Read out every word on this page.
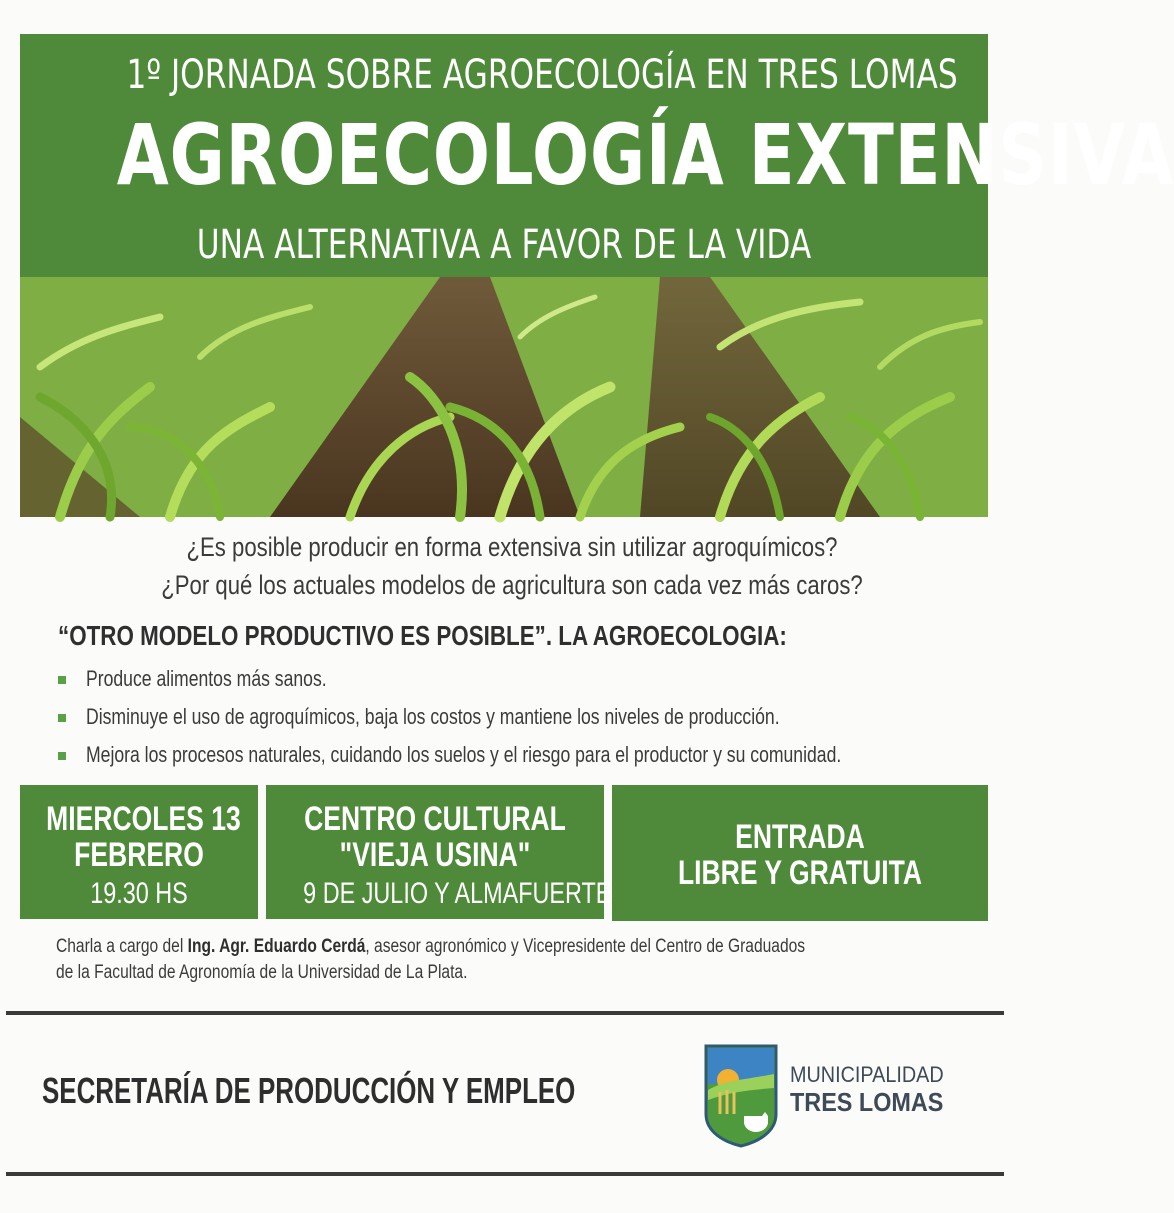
1º JORNADA SOBRE AGROECOLOGÍA EN TRES LOMAS
AGROECOLOGÍA EXTENSIVA
UNA ALTERNATIVA A FAVOR DE LA VIDA
¿Es posible producir en forma extensiva sin utilizar agroquímicos?
¿Por qué los actuales modelos de agricultura son cada vez más caros?
“OTRO MODELO PRODUCTIVO ES POSIBLE”. LA AGROECOLOGIA:
Produce alimentos más sanos.
Disminuye el uso de agroquímicos, baja los costos y mantiene los niveles de producción.
Mejora los procesos naturales, cuidando los suelos y el riesgo para el productor y su comunidad.
MIERCOLES 13
FEBRERO
19.30 HS
CENTRO CULTURAL
"VIEJA USINA"
9 DE JULIO Y ALMAFUERTE
ENTRADA
LIBRE Y GRATUITA
Charla a cargo del Ing. Agr. Eduardo Cerdá, asesor agronómico y Vicepresidente del Centro de Graduados
de la Facultad de Agronomía de la Universidad de La Plata.
SECRETARÍA DE PRODUCCIÓN Y EMPLEO	MUNICIPALIDAD
TRES LOMAS
